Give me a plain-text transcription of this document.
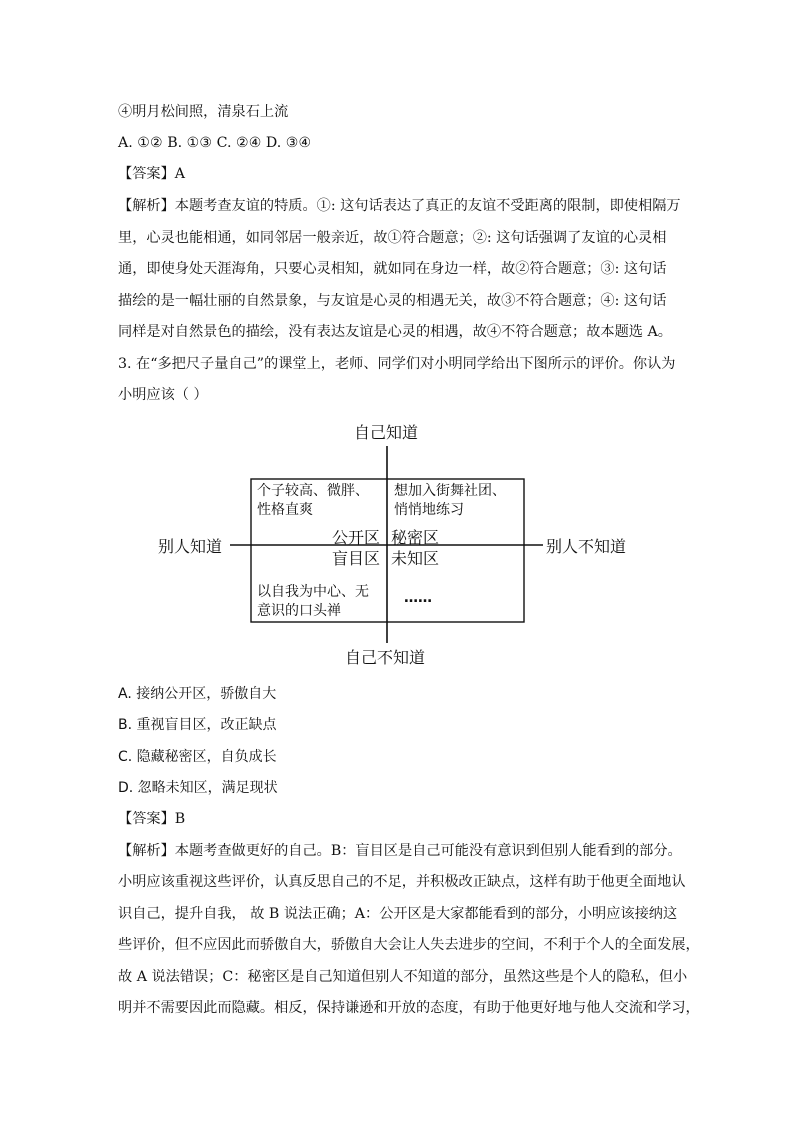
④明月松间照，清泉石上流
A. ①② B. ①③ C. ②④ D. ③④
【答案】A
【解析】本题考查友谊的特质。①: 这句话表达了真正的友谊不受距离的限制，即使相隔万
里，心灵也能相通，如同邻居一般亲近，故①符合题意；②: 这句话强调了友谊的心灵相
通，即使身处天涯海角，只要心灵相知，就如同在身边一样，故②符合题意；③: 这句话
描绘的是一幅壮丽的自然景象，与友谊是心灵的相遇无关，故③不符合题意；④: 这句话
同样是对自然景色的描绘，没有表达友谊是心灵的相遇，故④不符合题意；故本题选 A。
3. 在“多把尺子量自己”的课堂上，老师、同学们对小明同学给出下图所示的评价。你认为
小明应该（ ）
自己知道
自己不知道
别人知道	别人不知道
个子较高、微胖、
性格直爽
想加入街舞社团、
悄悄地练习
公开区 秘密区
盲目区 未知区
以自我为中心、无
意识的口头禅
……
A. 接纳公开区，骄傲自大
B. 重视盲目区，改正缺点
C. 隐藏秘密区，自负成长
D. 忽略未知区，满足现状
【答案】B
【解析】本题考查做更好的自己。B：盲目区是自己可能没有意识到但别人能看到的部分。
小明应该重视这些评价，认真反思自己的不足，并积极改正缺点，这样有助于他更全面地认
识自己，提升自我， 故 B 说法正确；A：公开区是大家都能看到的部分，小明应该接纳这
些评价，但不应因此而骄傲自大，骄傲自大会让人失去进步的空间，不利于个人的全面发展，
故 A 说法错误；C：秘密区是自己知道但别人不知道的部分，虽然这些是个人的隐私，但小
明并不需要因此而隐藏。相反，保持谦逊和开放的态度，有助于他更好地与他人交流和学习，
